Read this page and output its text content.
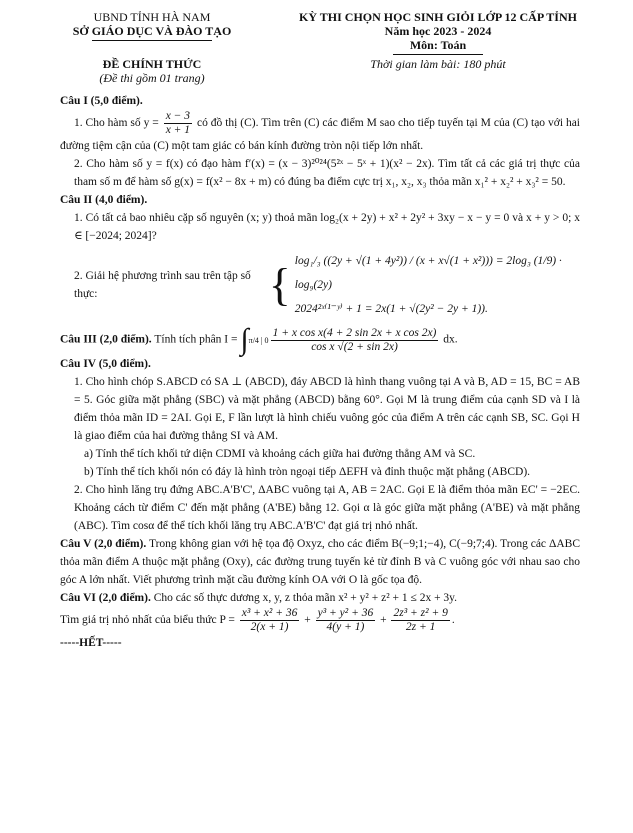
UBND TỈNH HÀ NAM
SỞ GIÁO DỤC VÀ ĐÀO TẠO
KỲ THI CHỌN HỌC SINH GIỎI LỚP 12 CẤP TỈNH
Năm học 2023 - 2024
Môn: Toán
ĐỀ CHÍNH THỨC
(Đề thi gồm 01 trang)
Thời gian làm bài: 180 phút

Câu I (5,0 điểm).

1. Cho hàm số $y = \frac{x - 3}{x + 1}$ có đồ thị (C). Tìm trên (C) các điểm M sao cho tiếp tuyến tại M của (C) tạo với hai đường tiệm cận của (C) một tam giác có bán kính đường tròn nội tiếp lớn nhất.

2. Cho hàm số y = f(x) có đạo hàm f′(x) = (x − 3)²⁰²⁴(5²ˣ − 5ˣ + 1)(x² − 2x). Tìm tất cả các giá trị thực của tham số m để hàm số g(x) = f(x² − 8x + m) có đúng ba điểm cực trị x₁, x₂, x₃ thỏa mãn x₁² + x₂² + x₃² = 50.

Câu II (4,0 điểm).

1. Có tất cả bao nhiêu cặp số nguyên (x; y) thoả mãn log₂(x + 2y) + x² + 2y² + 3xy − x − y = 0 và x + y > 0; x ∈ [−2024; 2024]?

2. Giải hệ phương trình sau trên tập số thực:	{ log₁/₃ ((2y + √(1 + 4y²)) / (x + x√(1 + x²))) = 2log₃ (1/9) · log₉(2y)
2024²ˣ⁽¹⁻ʸ⁾ + 1 = 2x(1 + √(2y² − 2y + 1)).

Câu III (2,0 điểm). Tính tích phân I = ∫ π/4 | $0 \frac{\text{1 + x cos x(4 + 2 sin 2x + x cos 2x)}}{\text{cos x √(2 + sin 2x)}}$ dx.

Câu IV (5,0 điểm).

1. Cho hình chóp S.ABCD có SA ⊥ (ABCD), đáy ABCD là hình thang vuông tại A và B, AD = 15, BC = AB = 5. Góc giữa mặt phẳng (SBC) và mặt phẳng (ABCD) bằng 60°. Gọi M là trung điểm của cạnh SD và I là điểm thỏa mãn ID = 2AI. Gọi E, F lần lượt là hình chiếu vuông góc của điểm A trên các cạnh SB, SC. Gọi H là giao điểm của hai đường thẳng SI và AM.

a) Tính thể tích khối tứ diện CDMI và khoảng cách giữa hai đường thẳng AM và SC.

b) Tính thể tích khối nón có đáy là hình tròn ngoại tiếp ΔEFH và đỉnh thuộc mặt phẳng (ABCD).

2. Cho hình lăng trụ đứng ABC.A'B'C', ΔABC vuông tại A, AB = 2AC. Gọi E là điểm thỏa mãn EC' = −2EC. Khoảng cách từ điểm C' đến mặt phẳng (A'BE) bằng 12. Gọi α là góc giữa mặt phẳng (A'BE) và mặt phẳng (ABC). Tìm cosα để thể tích khối lăng trụ ABC.A'B'C' đạt giá trị nhỏ nhất.

Câu V (2,0 điểm). Trong không gian với hệ tọa độ Oxyz, cho các điểm B(−9;1;−4), C(−9;7;4). Trong các ΔABC thỏa mãn điểm A thuộc mặt phẳng (Oxy), các đường trung tuyến kẻ từ đỉnh B và C vuông góc với nhau sao cho góc A lớn nhất. Viết phương trình mặt cầu đường kính OA với O là gốc tọa độ.

Câu VI (2,0 điểm). Cho các số thực dương x, y, z thỏa mãn x² + y² + z² + 1 ≤ 2x + 3y.

Tìm giá trị nhỏ nhất của biểu thức $P = \frac{\text{x³ + x² + 36}}{2(x + 1)} + \frac{\text{y³ + y² + 36}}{4(y + 1)} + \frac{\text{2z³ + z² + 9}}{2z + 1}$ .

-----HẾT-----
